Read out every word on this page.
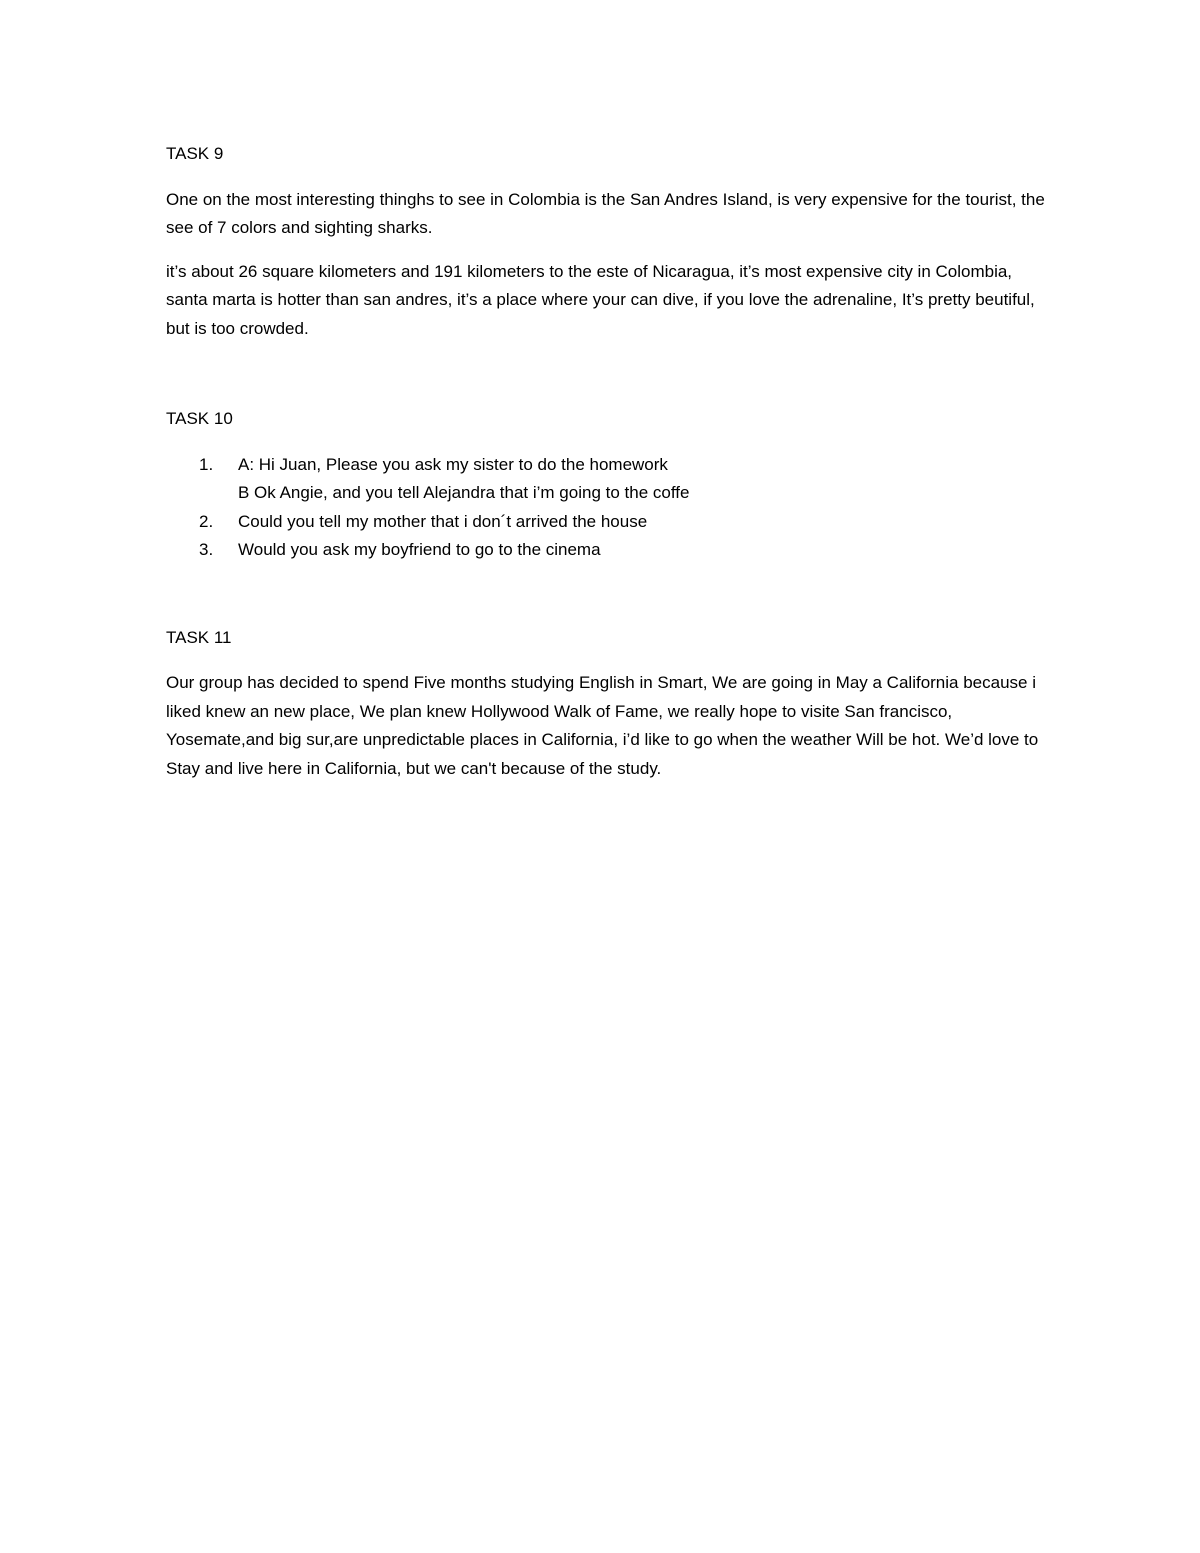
TASK 9

One on the most interesting thinghs to see in Colombia is the San Andres Island, is very expensive for the tourist, the see of 7 colors and sighting sharks.

it’s about 26 square kilometers and 191 kilometers to the este of Nicaragua, it’s most expensive city in Colombia, santa marta is hotter than san andres, it’s a place where your can dive, if you love the adrenaline, It’s pretty beutiful, but is too crowded.

TASK 10
1. A: Hi Juan, Please you ask my sister to do the homework
B Ok Angie, and you tell Alejandra that i’m going to the coffe
2. Could you tell my mother that i don´t arrived the house
3. Would you ask my boyfriend to go to the cinema
TASK 11

Our group has decided to spend Five months studying English in Smart, We are going in May a California because i liked knew an new place, We plan knew Hollywood Walk of Fame, we really hope to visite San francisco, Yosemate,and big sur,are unpredictable places in California, i’d like to go when the weather Will be hot. We’d love to Stay and live here in California, but we can't because of the study.
